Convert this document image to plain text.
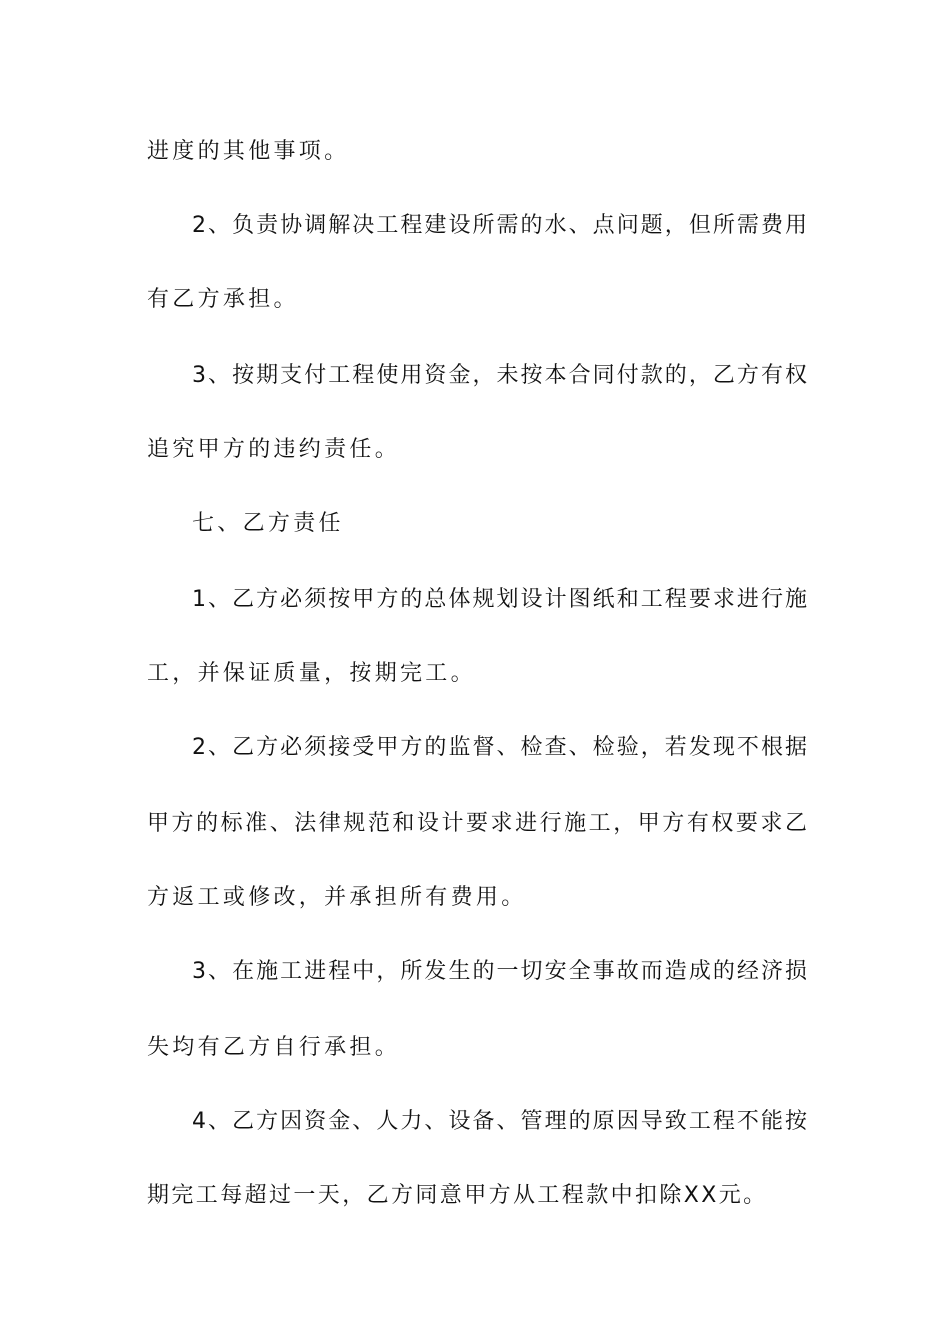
进度的其他事项。
2、负责协调解决工程建设所需的水、点问题，但所需费用
有乙方承担。
3、按期支付工程使用资金，未按本合同付款的，乙方有权
追究甲方的违约责任。
七、乙方责任
1、乙方必须按甲方的总体规划设计图纸和工程要求进行施
工，并保证质量，按期完工。
2、乙方必须接受甲方的监督、检查、检验，若发现不根据
甲方的标准、法律规范和设计要求进行施工，甲方有权要求乙
方返工或修改，并承担所有费用。
3、在施工进程中，所发生的一切安全事故而造成的经济损
失均有乙方自行承担。
4、乙方因资金、人力、设备、管理的原因导致工程不能按
期完工每超过一天，乙方同意甲方从工程款中扣除XX元。
